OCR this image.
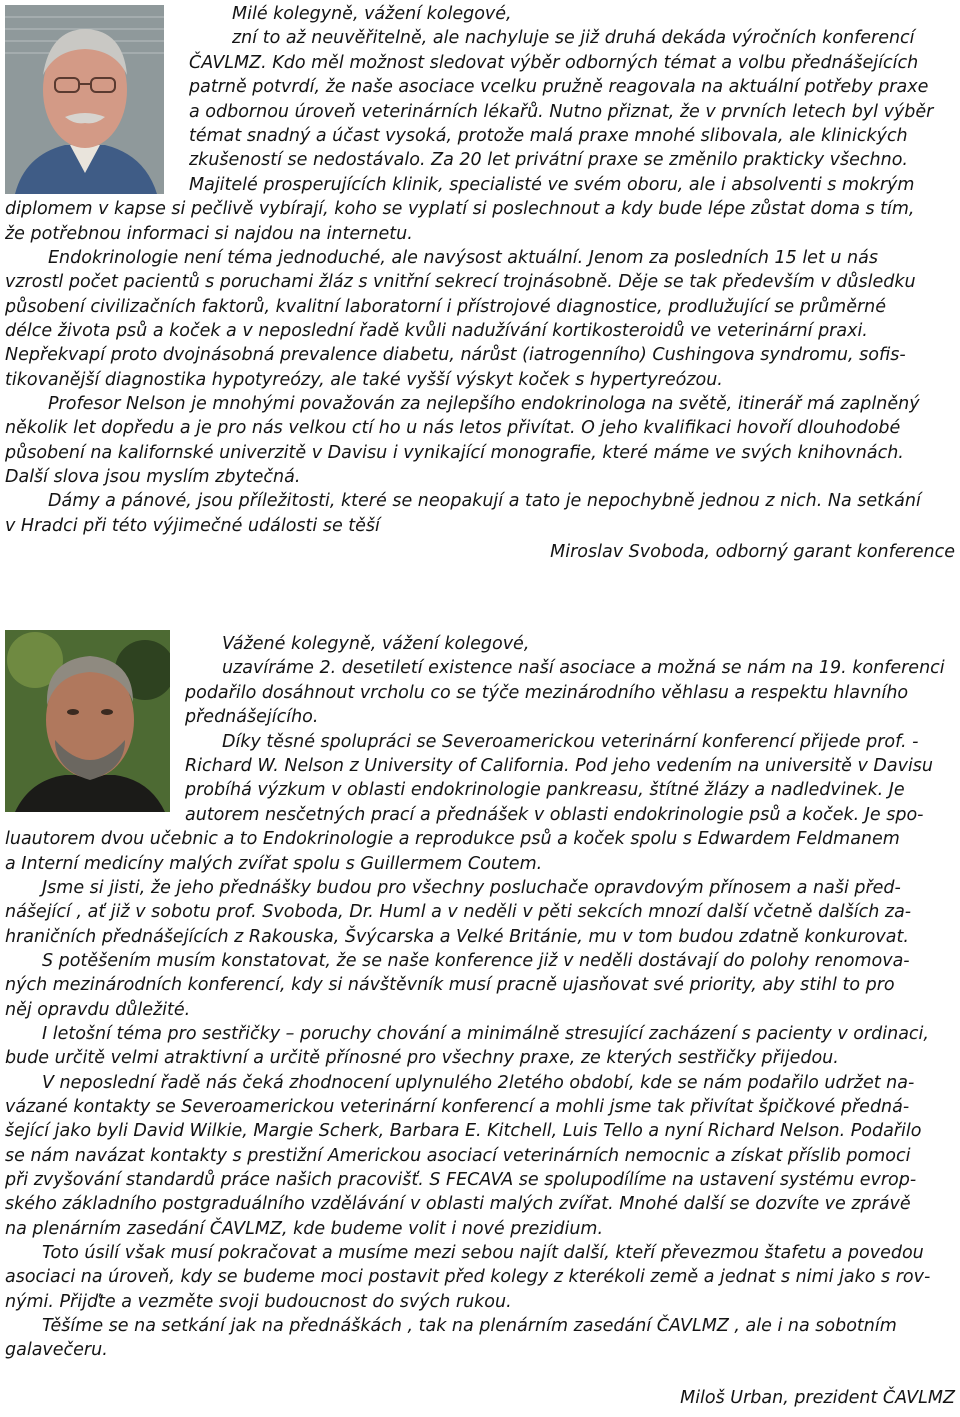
Milé kolegyně, vážení kolegové,

zní to až neuvěřitelně, ale nachyluje se již druhá dekáda výročních konferencí

ČAVLMZ. Kdo měl možnost sledovat výběr odborných témat a volbu přednášejících

patrně potvrdí, že naše asociace vcelku pružně reagovala na aktuální potřeby praxe

a odbornou úroveň veterinárních lékařů. Nutno přiznat, že v prvních letech byl výběr

témat snadný a účast vysoká, protože malá praxe mnohé slibovala, ale klinických

zkušeností se nedostávalo. Za 20 let privátní praxe se změnilo prakticky všechno.

Majitelé prosperujících klinik, specialisté ve svém oboru, ale i absolventi s mokrým

diplomem v kapse si pečlivě vybírají, koho se vyplatí si poslechnout a kdy bude lépe zůstat doma s tím,

že potřebnou informaci si najdou na internetu.

Endokrinologie není téma jednoduché, ale navýsost aktuální. Jenom za posledních 15 let u nás

vzrostl počet pacientů s poruchami žláz s vnitřní sekrecí trojnásobně. Děje se tak především v důsledku

působení civilizačních faktorů, kvalitní laboratorní i přístrojové diagnostice, prodlužující se průměrné

délce života psů a koček a v neposlední řadě kvůli nadužívání kortikosteroidů ve veterinární praxi.

Nepřekvapí proto dvojnásobná prevalence diabetu, nárůst (iatrogenního) Cushingova syndromu, sofis-

tikovanější diagnostika hypotyreózy, ale také vyšší výskyt koček s hypertyreózou.

Profesor Nelson je mnohými považován za nejlepšího endokrinologa na světě, itinerář má zaplněný

několik let dopředu a je pro nás velkou ctí ho u nás letos přivítat. O jeho kvalifikaci hovoří dlouhodobé

působení na kalifornské univerzitě v Davisu i vynikající monografie, které máme ve svých knihovnách.

Další slova jsou myslím zbytečná.

Dámy a pánové, jsou příležitosti, které se neopakují a tato je nepochybně jednou z nich. Na setkání

v Hradci při této výjimečné události se těší

Miroslav Svoboda, odborný garant konference

Vážené kolegyně, vážení kolegové,

uzavíráme 2. desetiletí existence naší asociace a možná se nám na 19. konferenci

podařilo dosáhnout vrcholu co se týče mezinárodního věhlasu a respektu hlavního

přednášejícího.

Díky těsné spolupráci se Severoamerickou veterinární konferencí přijede prof. -

Richard W. Nelson z University of California. Pod jeho vedením na universitě v Davisu

probíhá výzkum v oblasti endokrinologie pankreasu, štítné žlázy a nadledvinek. Je

autorem nesčetných prací a přednášek v oblasti endokrinologie psů a koček. Je spo-

luautorem dvou učebnic a to Endokrinologie a reprodukce psů a koček spolu s Edwardem Feldmanem

a Interní medicíny malých zvířat spolu s Guillermem Coutem.

Jsme si jisti, že jeho přednášky budou pro všechny posluchače opravdovým přínosem a naši před-

nášející , ať již v sobotu prof. Svoboda, Dr. Huml a v neděli v pěti sekcích mnozí další včetně dalších za-

hraničních přednášejících z Rakouska, Švýcarska a Velké Británie, mu v tom budou zdatně konkurovat.

S potěšením musím konstatovat, že se naše konference již v neděli dostávají do polohy renomova-

ných mezinárodních konferencí, kdy si návštěvník musí pracně ujasňovat své priority, aby stihl to pro

něj opravdu důležité.

I letošní téma pro sestřičky – poruchy chování a minimálně stresující zacházení s pacienty v ordinaci,

bude určitě velmi atraktivní a určitě přínosné pro všechny praxe, ze kterých sestřičky přijedou.

V neposlední řadě nás čeká zhodnocení uplynulého 2letého období, kde se nám podařilo udržet na-

vázané kontakty se Severoamerickou veterinární konferencí a mohli jsme tak přivítat špičkové předná-

šející jako byli David Wilkie, Margie Scherk, Barbara E. Kitchell, Luis Tello a nyní Richard Nelson. Podařilo

se nám navázat kontakty s prestižní Americkou asociací veterinárních nemocnic a získat příslib pomoci

při zvyšování standardů práce našich pracovišť. S FECAVA se spolupodílíme na ustavení systému evrop-

ského základního postgraduálního vzdělávání v oblasti malých zvířat. Mnohé další se dozvíte ve zprávě

na plenárním zasedání ČAVLMZ, kde budeme volit i nové prezidium.

Toto úsilí však musí pokračovat a musíme mezi sebou najít další, kteří převezmou štafetu a povedou

asociaci na úroveň, kdy se budeme moci postavit před kolegy z kterékoli země a jednat s nimi jako s rov-

nými. Přijďte a vezměte svoji budoucnost do svých rukou.

Těšíme se na setkání jak na přednáškách , tak na plenárním zasedání ČAVLMZ , ale i na sobotním

galavečeru.

Miloš Urban, prezident ČAVLMZ
